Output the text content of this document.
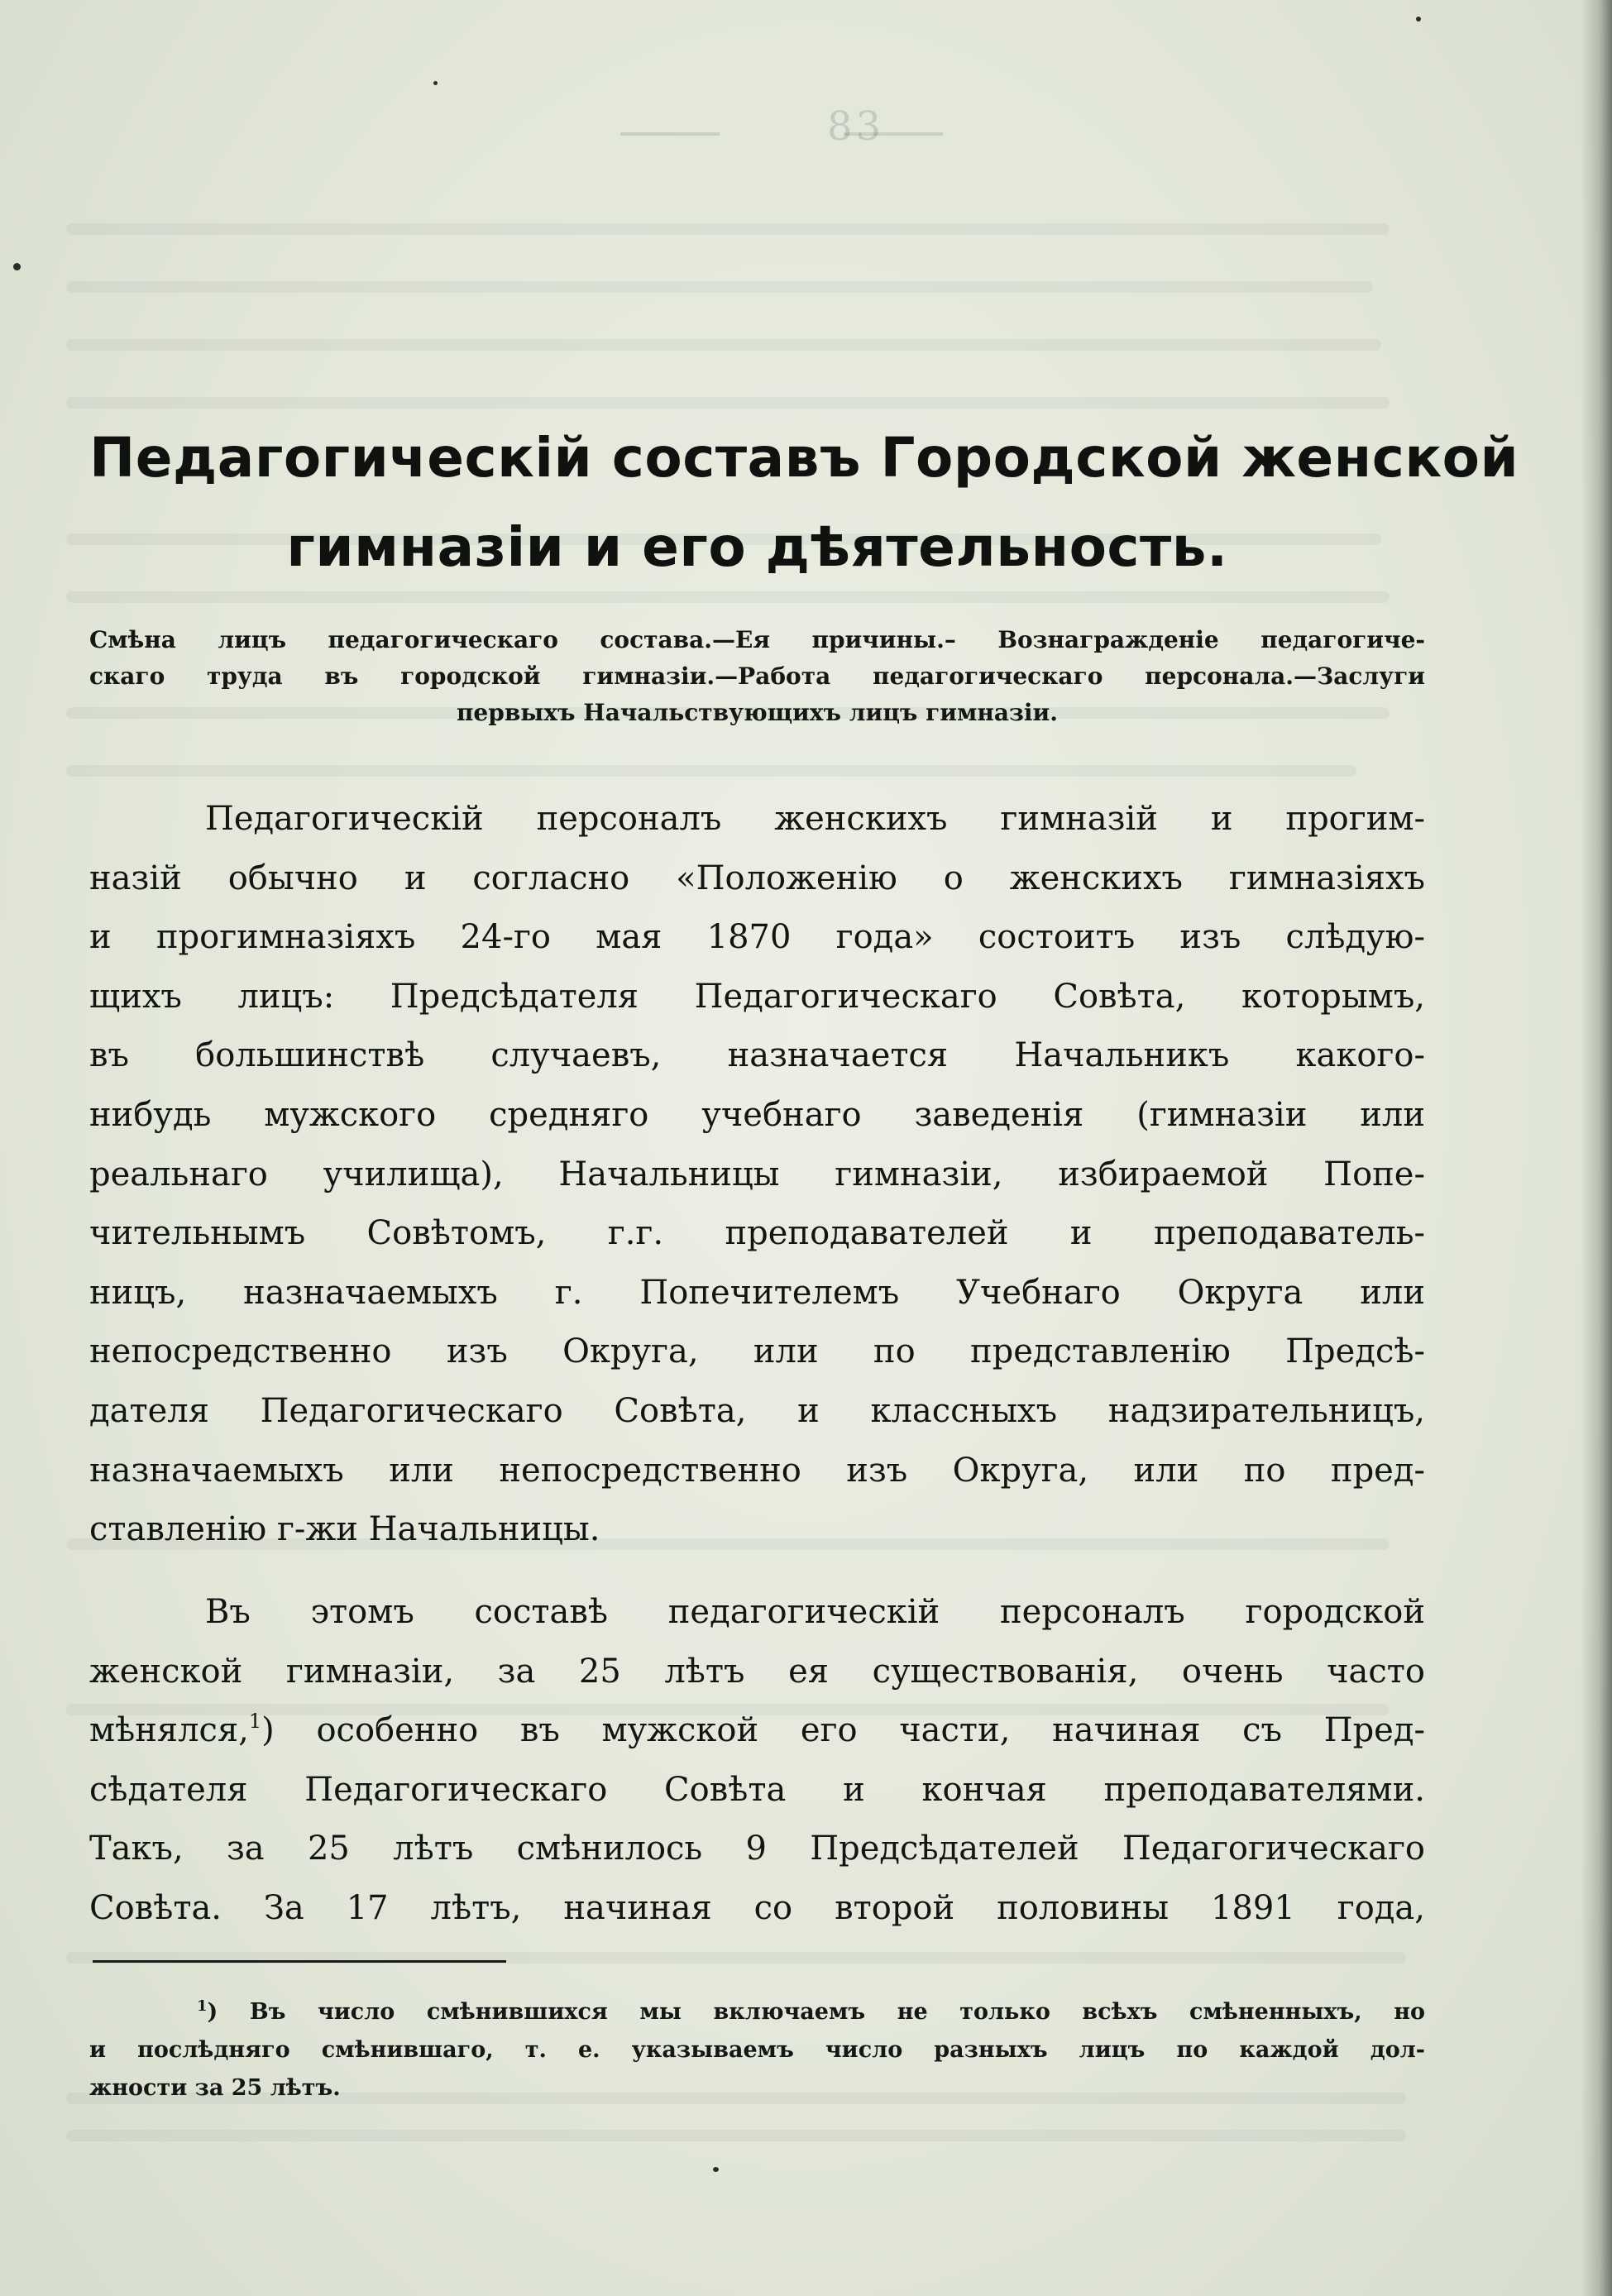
83
Педагогическій составъ Городской женской
гимназіи и его дѣятельность.
Смѣна лицъ педагогическаго состава.—Ея причины.– Вознагражденіе педагогиче-
скаго труда въ городской гимназіи.—Работа педагогическаго персонала.—Заслуги
первыхъ Начальствующихъ лицъ гимназіи.
Педагогическій персоналъ женскихъ гимназій и прогим-
назій обычно и согласно «Положенію о женскихъ гимназіяхъ
и прогимназіяхъ 24-го мая 1870 года» состоитъ изъ слѣдую-
щихъ лицъ: Предсѣдателя Педагогическаго Совѣта, которымъ,
въ большинствѣ случаевъ, назначается Начальникъ какого-
нибудь мужского средняго учебнаго заведенія (гимназіи или
реальнаго училища), Начальницы гимназіи, избираемой Попе-
чительнымъ Совѣтомъ, г.г. преподавателей и преподаватель-
ницъ, назначаемыхъ г. Попечителемъ Учебнаго Округа или
непосредственно изъ Округа, или по представленію Предсѣ-
дателя Педагогическаго Совѣта, и классныхъ надзирательницъ,
назначаемыхъ или непосредственно изъ Округа, или по пред-
ставленію г-жи Начальницы.
Въ этомъ составѣ педагогическій персоналъ городской
женской гимназіи, за 25 лѣтъ ея существованія, очень часто
мѣнялся,$^1$) особенно въ мужской его части, начиная съ Пред-
сѣдателя Педагогическаго Совѣта и кончая преподавателями.
Такъ, за 25 лѣтъ смѣнилось 9 Предсѣдателей Педагогическаго
Совѣта. За 17 лѣтъ, начиная со второй половины 1891 года,
$^1$) Въ число смѣнившихся мы включаемъ не только всѣхъ смѣненныхъ, но
и послѣдняго смѣнившаго, т. е. указываемъ число разныхъ лицъ по каждой дол-
жности за 25 лѣтъ.
